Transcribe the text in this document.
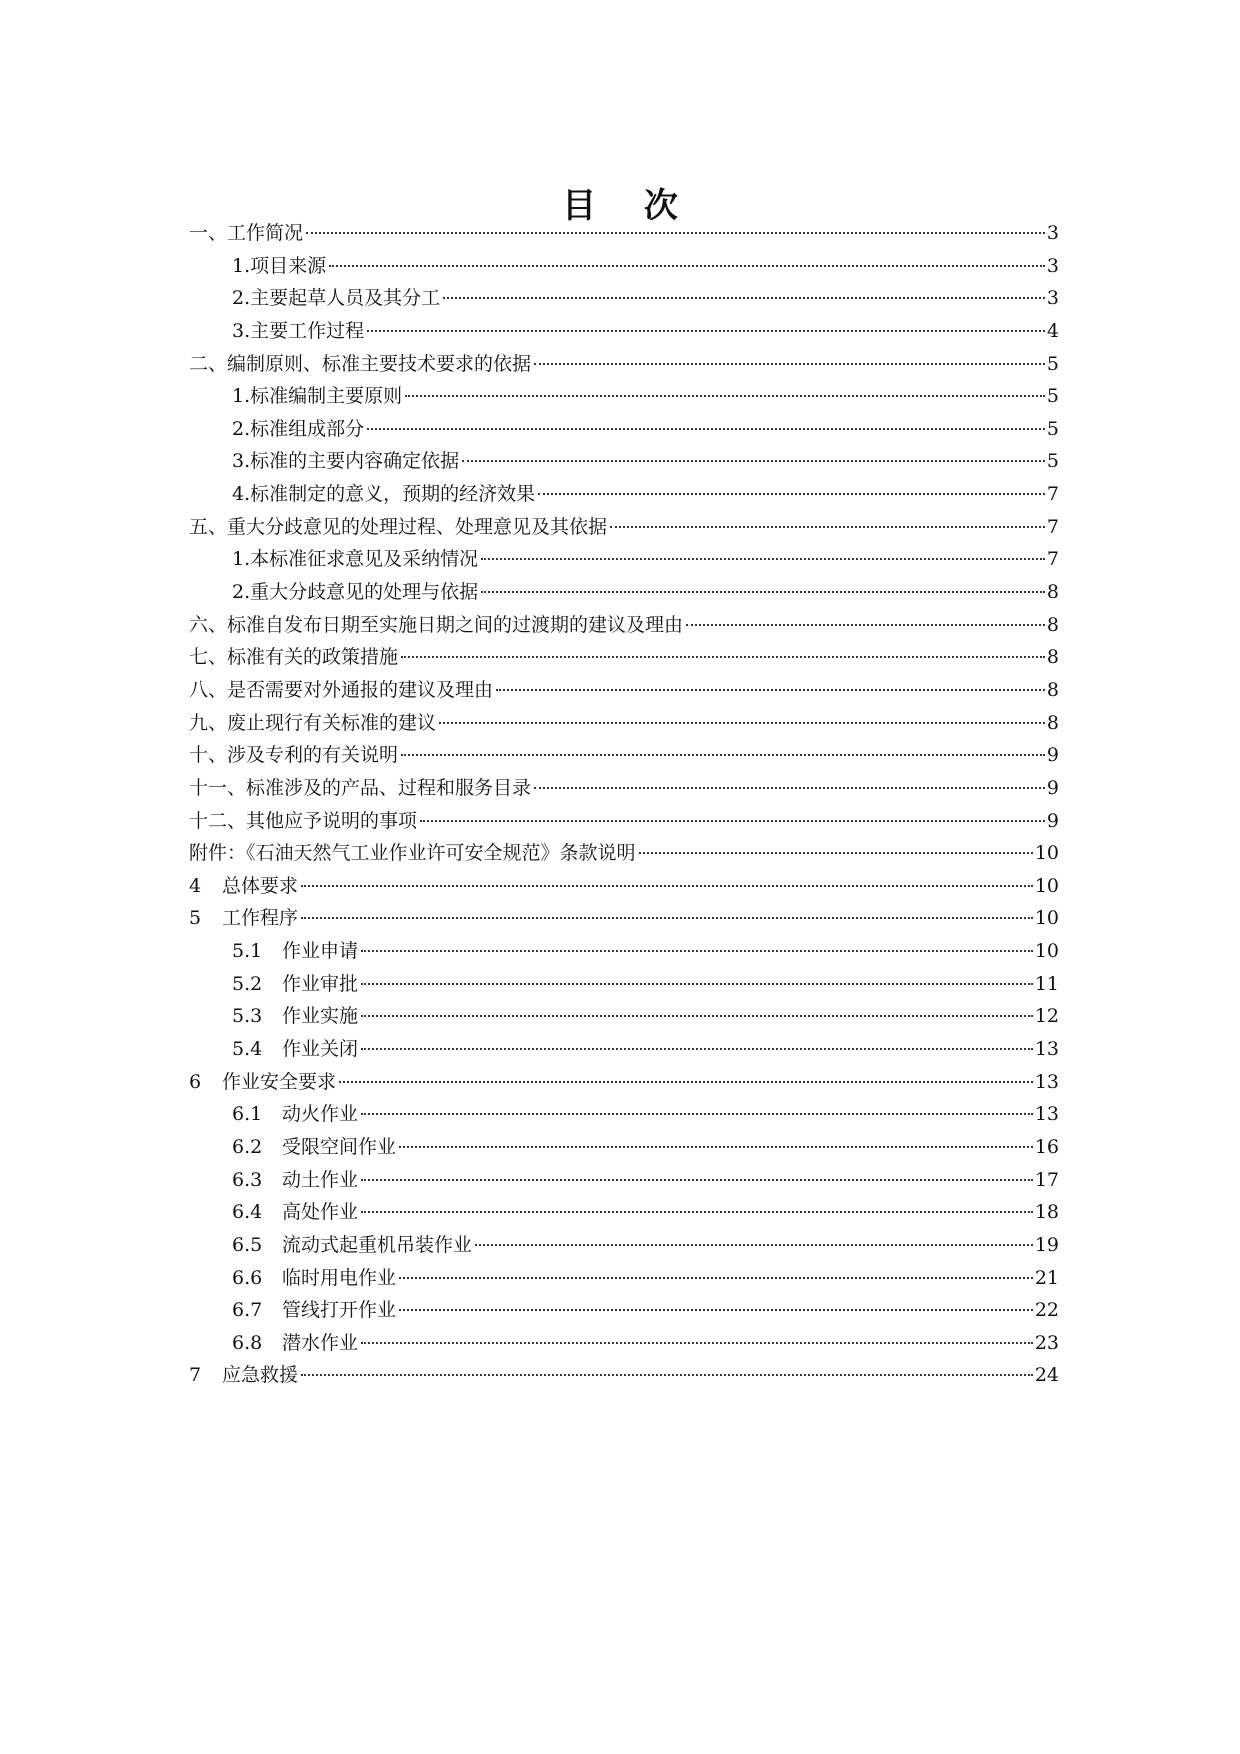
目 次
一、工作简况	3
1.项目来源	3
2.主要起草人员及其分工	3
3.主要工作过程	4
二、编制原则、标准主要技术要求的依据	5
1.标准编制主要原则	5
2.标准组成部分	5
3.标准的主要内容确定依据	5
4.标准制定的意义，预期的经济效果	7
五、重大分歧意见的处理过程、处理意见及其依据	7
1.本标准征求意见及采纳情况	7
2.重大分歧意见的处理与依据	8
六、标准自发布日期至实施日期之间的过渡期的建议及理由	8
七、标准有关的政策措施	8
八、是否需要对外通报的建议及理由	8
九、废止现行有关标准的建议	8
十、涉及专利的有关说明	9
十一、标准涉及的产品、过程和服务目录	9
十二、其他应予说明的事项	9
附件：《石油天然气工业作业许可安全规范》条款说明	10
4	总体要求	10
5	工作程序	10
5.1	作业申请	10
5.2	作业审批	11
5.3	作业实施	12
5.4	作业关闭	13
6	作业安全要求	13
6.1	动火作业	13
6.2	受限空间作业	16
6.3	动土作业	17
6.4	高处作业	18
6.5	流动式起重机吊装作业	19
6.6	临时用电作业	21
6.7	管线打开作业	22
6.8	潜水作业	23
7	应急救援	24
